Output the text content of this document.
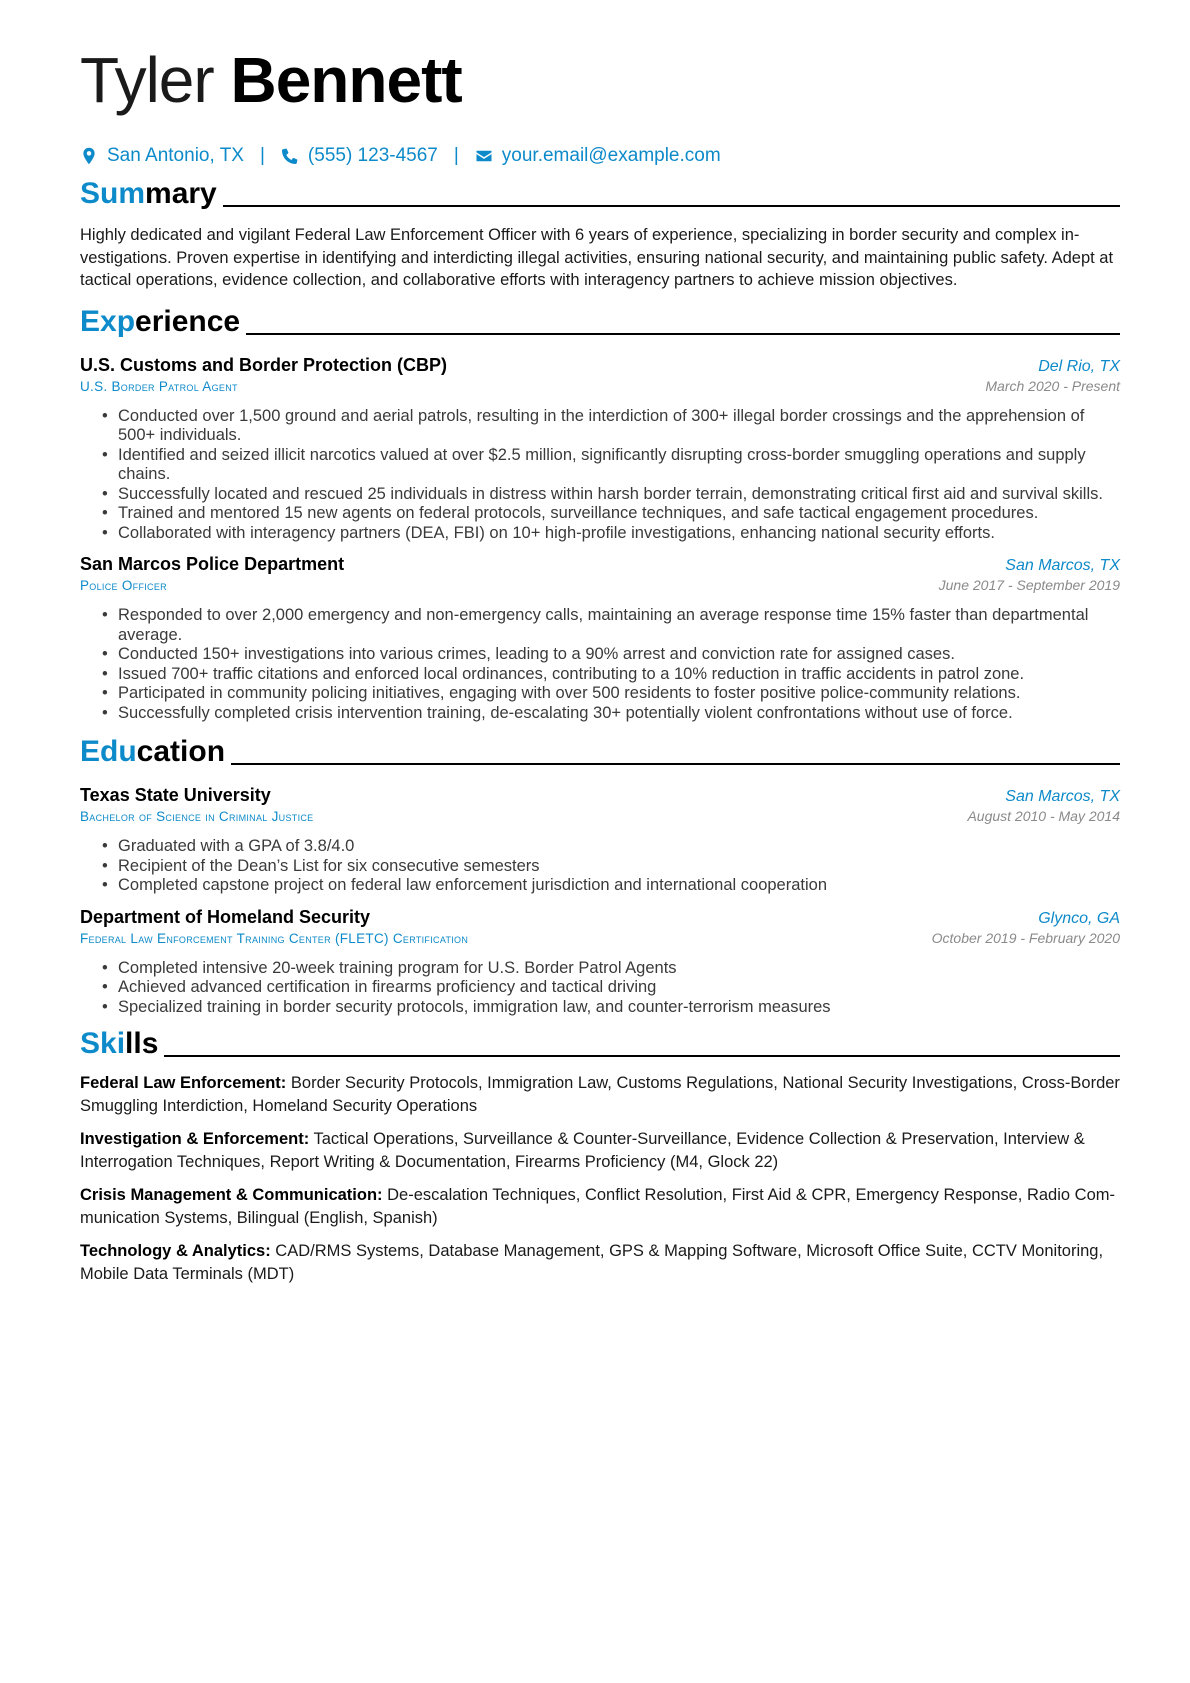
Tyler Bennett
San Antonio, TX | (555) 123-4567 | your.email@example.com
Summary
Highly dedicated and vigilant Federal Law Enforcement Officer with 6 years of experience, specializing in border security and complex investigations. Proven expertise in identifying and interdicting illegal activities, ensuring national security, and maintaining public safety. Adept at tactical operations, evidence collection, and collaborative efforts with interagency partners to achieve mission objectives.
Experience
U.S. Customs and Border Protection (CBP)	Del Rio, TX
U.S. Border Patrol Agent	March 2020 - Present
• Conducted over 1,500 ground and aerial patrols, resulting in the interdiction of 300+ illegal border crossings and the apprehension of 500+ individuals.
• Identified and seized illicit narcotics valued at over $2.5 million, significantly disrupting cross-border smuggling operations and supply chains.
• Successfully located and rescued 25 individuals in distress within harsh border terrain, demonstrating critical first aid and survival skills.
• Trained and mentored 15 new agents on federal protocols, surveillance techniques, and safe tactical engagement procedures.
• Collaborated with interagency partners (DEA, FBI) on 10+ high-profile investigations, enhancing national security efforts.
San Marcos Police Department	San Marcos, TX
Police Officer	June 2017 - September 2019
• Responded to over 2,000 emergency and non-emergency calls, maintaining an average response time 15% faster than departmental average.
• Conducted 150+ investigations into various crimes, leading to a 90% arrest and conviction rate for assigned cases.
• Issued 700+ traffic citations and enforced local ordinances, contributing to a 10% reduction in traffic accidents in patrol zone.
• Participated in community policing initiatives, engaging with over 500 residents to foster positive police-community relations.
• Successfully completed crisis intervention training, de-escalating 30+ potentially violent confrontations without use of force.
Education
Texas State University	San Marcos, TX
Bachelor of Science in Criminal Justice	August 2010 - May 2014
• Graduated with a GPA of 3.8/4.0
• Recipient of the Dean’s List for six consecutive semesters
• Completed capstone project on federal law enforcement jurisdiction and international cooperation
Department of Homeland Security	Glynco, GA
Federal Law Enforcement Training Center (FLETC) Certification	October 2019 - February 2020
• Completed intensive 20-week training program for U.S. Border Patrol Agents
• Achieved advanced certification in firearms proficiency and tactical driving
• Specialized training in border security protocols, immigration law, and counter-terrorism measures
Skills

Federal Law Enforcement: Border Security Protocols, Immigration Law, Customs Regulations, National Security Investigations, Cross-Border Smuggling Interdiction, Homeland Security Operations

Investigation & Enforcement: Tactical Operations, Surveillance & Counter-Surveillance, Evidence Collection & Preservation, Interview & Interrogation Techniques, Report Writing & Documentation, Firearms Proficiency (M4, Glock 22)

Crisis Management & Communication: De-escalation Techniques, Conflict Resolution, First Aid & CPR, Emergency Response, Radio Communication Systems, Bilingual (English, Spanish)

Technology & Analytics: CAD/RMS Systems, Database Management, GPS & Mapping Software, Microsoft Office Suite, CCTV Monitoring, Mobile Data Terminals (MDT)
